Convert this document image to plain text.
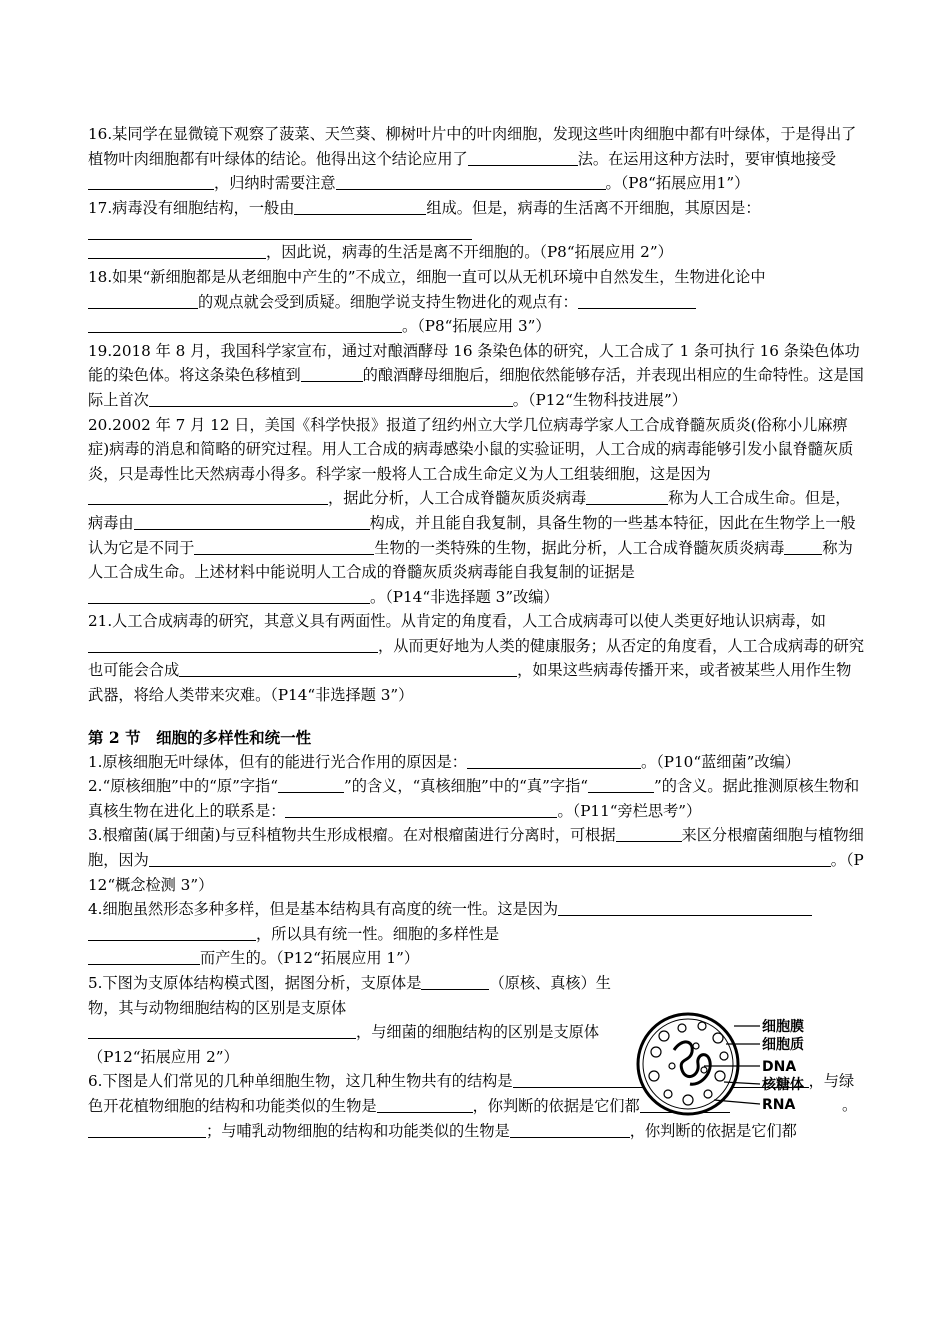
16.某同学在显微镜下观察了菠菜、天竺葵、柳树叶片中的叶肉细胞，发现这些叶肉细胞中都有叶绿体，于是得出了植物叶肉细胞都有叶绿体的结论。他得出这个结论应用了	法。在运用这种方法时，要审慎地接受，归纳时需要注意	。（P8“拓展应用1”）

17.病毒没有细胞结构，一般由	组成。但是，病毒的生活离不开细胞，其原因是：
，因此说，病毒的生活是离不开细胞的。（P8“拓展应用 2”）

18.如果“新细胞都是从老细胞中产生的”不成立，细胞一直可以从无机环境中自然发生，生物进化论中的观点就会受到质疑。细胞学说支持生物进化的观点有：
。（P8“拓展应用 3”）

19.2018 年 8 月，我国科学家宣布，通过对酿酒酵母 16 条染色体的研究，人工合成了 1 条可执行 16 条染色体功能的染色体。将这条染色移植到	的酿酒酵母细胞后，细胞依然能够存活，并表现出相应的生命特性。这是国际上首次	。（P12“生物科技进展”）

20.2002 年 7 月 12 日，美国《科学快报》报道了纽约州立大学几位病毒学家人工合成脊髓灰质炎(俗称小儿麻痹症)病毒的消息和简略的研究过程。用人工合成的病毒感染小鼠的实验证明，人工合成的病毒能够引发小鼠脊髓灰质炎，只是毒性比天然病毒小得多。科学家一般将人工合成生命定义为人工组装细胞，这是因为，据此分析，人工合成脊髓灰质炎病毒	称为人工合成生命。但是，病毒由	构成，并且能自我复制，具备生物的一些基本特征，因此在生物学上一般认为它是不同于	生物的一类特殊的生物，据此分析，人工合成脊髓灰质炎病毒	称为人工合成生命。上述材料中能说明人工合成的脊髓灰质炎病毒能自我复制的证据是。（P14“非选择题 3”改编）

21.人工合成病毒的研究，其意义具有两面性。从肯定的角度看，人工合成病毒可以使人类更好地认识病毒，如，从而更好地为人类的健康服务；从否定的角度看，人工合成病毒的研究也可能会合成	，如果这些病毒传播开来，或者被某些人用作生物武器，将给人类带来灾难。（P14“非选择题 3”）

第 2 节　细胞的多样性和统一性

1.原核细胞无叶绿体，但有的能进行光合作用的原因是：	。（P10“蓝细菌”改编）

2.“原核细胞”中的“原”字指“	”的含义，“真核细胞”中的“真”字指“	”的含义。据此推测原核生物和真核生物在进化上的联系是：	。（P11“旁栏思考”）

3.根瘤菌(属于细菌)与豆科植物共生形成根瘤。在对根瘤菌进行分离时，可根据	来区分根瘤菌细胞与植物细胞，因为	。（P12“概念检测 3”）

4.细胞虽然形态多种多样，但是基本结构具有高度的统一性。这是因为
，所以具有统一性。细胞的多样性是
而产生的。（P12“拓展应用 1”）

5.下图为支原体结构模式图，据图分析，支原体是	（原核、真核）生物，其与动物细胞结构的区别是支原体
，与细菌的细胞结构的区别是支原体

（P12“拓展应用 2”）

6.下图是人们常见的几种单细胞生物，这几种生物共有的结构是	，与绿色开花植物细胞的结构和功能类似的生物是	，你判断的依据是它们都
；与哺乳动物细胞的结构和功能类似的生物是	，你判断的依据是它们都

细胞膜
细胞质
DNA
核糖体
RNA	。
